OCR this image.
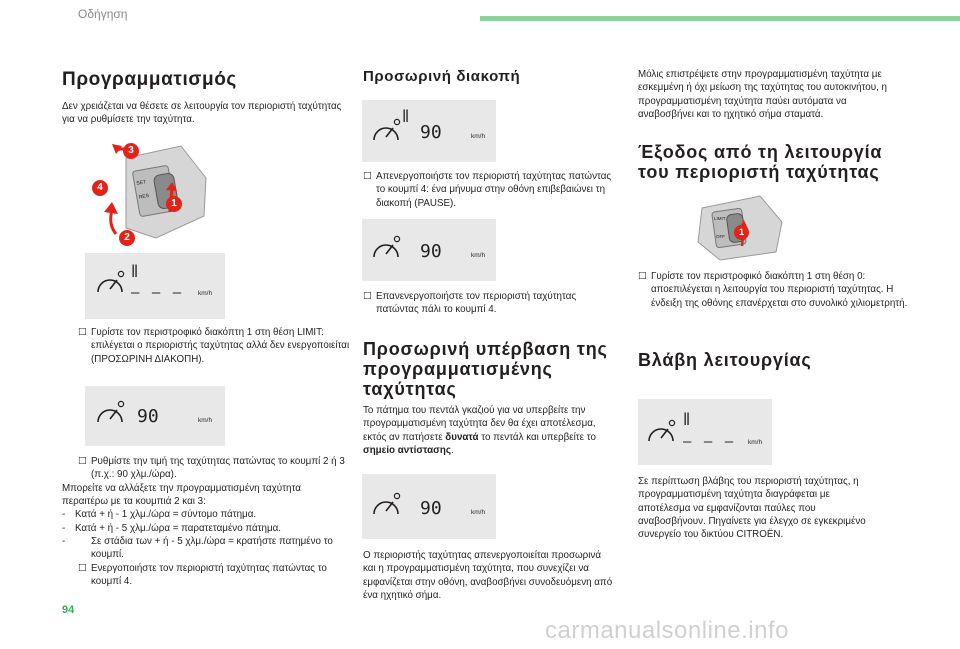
Οδήγηση
94
carmanualsonline.info
Προγραμματισμός

Δεν χρειάζεται να θέσετε σε λειτουργία τον περιοριστή ταχύτητας για να ρυθμίσετε την ταχύτητα.

SET
RES
1
2
3
4
‖
– – – km/h

☐ Γυρίστε τον περιστροφικό διακόπτη 1 στη θέση LIMIT: επιλέγεται ο περιοριστής ταχύτητας αλλά δεν ενεργοποιείται (ΠΡΟΣΩΡΙΝΗ ΔΙΑΚΟΠΗ).

90	km/h

☐ Ρυθμίστε την τιμή της ταχύτητας πατώντας το κουμπί 2 ή 3 (π.χ.: 90 χλμ./ώρα).

Μπορείτε να αλλάξετε την προγραμματισμένη ταχύτητα περαιτέρω με τα κουμπιά 2 και 3:

- Κατά + ή - 1 χλμ./ώρα = σύντομο πάτημα.

- Κατά + ή - 5 χλμ./ώρα = παρατεταμένο πάτημα.

-	Σε στάδια των + ή - 5 χλμ./ώρα = κρατήστε πατημένο το κουμπί.

☐ Ενεργοποιήστε τον περιοριστή ταχύτητας πατώντας το κουμπί 4.

Προσωρινή διακοπή
‖
90	km/h

☐ Απενεργοποιήστε τον περιοριστή ταχύτητας πατώντας το κουμπί 4: ένα μήνυμα στην οθόνη επιβεβαιώνει τη διακοπή (PAUSE).

90	km/h

☐ Επανενεργοποιήστε τον περιοριστή ταχύτητας πατώντας πάλι το κουμπί 4.

Προσωρινή υπέρβαση της προγραμματισμένης ταχύτητας

Το πάτημα του πεντάλ γκαζιού για να υπερβείτε την προγραμματισμένη ταχύτητα δεν θα έχει αποτέλεσμα, εκτός αν πατήσετε δυνατά το πεντάλ και υπερβείτε το σημείο αντίστασης.

90	km/h

Ο περιοριστής ταχύτητας απενεργοποιείται προσωρινά και η προγραμματισμένη ταχύτητα, που συνεχίζει να εμφανίζεται στην οθόνη, αναβοσβήνει συνοδευόμενη από ένα ηχητικό σήμα.

Μόλις επιστρέψετε στην προγραμματισμένη ταχύτητα με εσκεμμένη ή όχι μείωση της ταχύτητας του αυτοκινήτου, η προγραμματισμένη ταχύτητα παύει αυτόματα να αναβοσβήνει και το ηχητικό σήμα σταματά.

Έξοδος από τη λειτουργία του περιοριστή ταχύτητας
LIMIT
OFF	1

☐ Γυρίστε τον περιστροφικό διακόπτη 1 στη θέση 0: αποεπιλέγεται η λειτουργία του περιοριστή ταχύτητας. Η ένδειξη της οθόνης επανέρχεται στο συνολικό χιλιομετρητή.

Βλάβη λειτουργίας
‖
– – – km/h

Σε περίπτωση βλάβης του περιοριστή ταχύτητας, η προγραμματισμένη ταχύτητα διαγράφεται με αποτέλεσμα να εμφανίζονται παύλες που αναβοσβήνουν. Πηγαίνετε για έλεγχο σε εγκεκριμένο συνεργείο του δικτύου CITROËN.
